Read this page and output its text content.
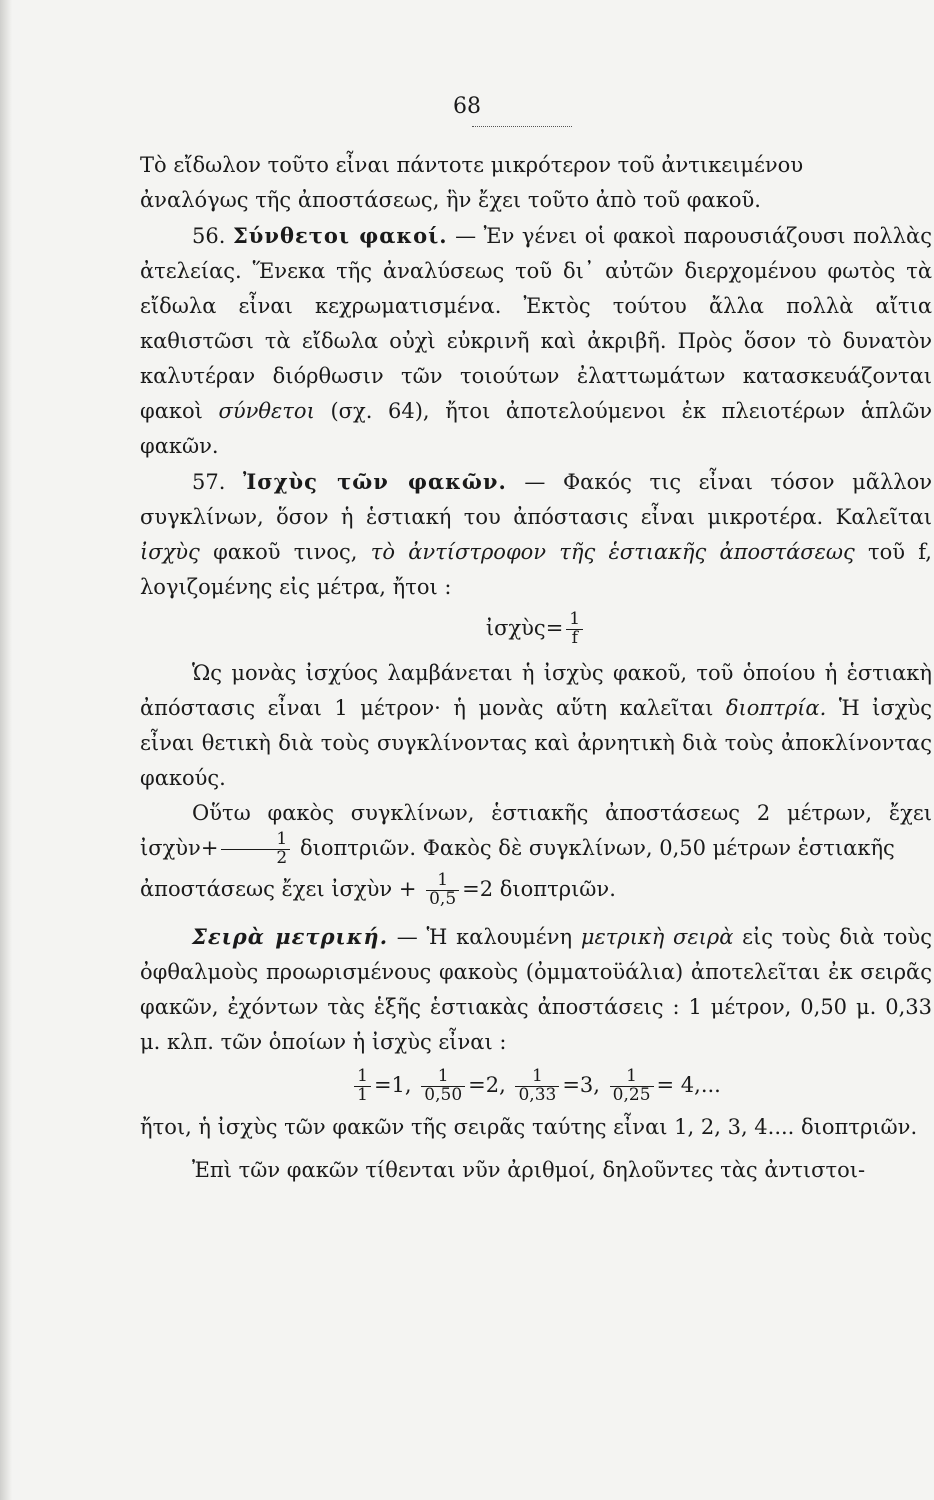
68

Τὸ εἴδωλον τοῦτο εἶναι πάντοτε μικρότερον τοῦ ἀντικειμένου
ἀναλόγως τῆς ἀποστάσεως, ἣν ἔχει τοῦτο ἀπὸ τοῦ φακοῦ.

56. Σύνθετοι φακοί. — Ἐν γένει οἱ φακοὶ παρουσιάζουσι πολλὰς ἀτελείας. Ἕνεκα τῆς ἀναλύσεως τοῦ δι᾽ αὐτῶν διερχομένου φωτὸς τὰ εἴδωλα εἶναι κεχρωματισμένα. Ἐκτὸς τούτου ἄλλα πολλὰ αἴτια καθιστῶσι τὰ εἴδωλα οὐχὶ εὐκρινῆ καὶ ἀκριβῆ. Πρὸς ὅσον τὸ δυνατὸν καλυτέραν διόρθωσιν τῶν τοιούτων ἐλαττωμάτων κατασκευάζονται φακοὶ σύνθετοι (σχ. 64), ἤτοι ἀποτελούμενοι ἐκ πλειοτέρων ἁπλῶν φακῶν.

57. Ἰσχὺς τῶν φακῶν. — Φακός τις εἶναι τόσον μᾶλλον συγκλίνων, ὅσον ἡ ἑστιακή του ἀπόστασις εἶναι μικροτέρα. Καλεῖται ἰσχὺς φακοῦ τινος, τὸ ἀντίστροφον τῆς ἑστιακῆς ἀποστάσεως τοῦ f, λογιζομένης εἰς μέτρα, ἤτοι :

ἰσχὺς= $\frac{1}{f}$

Ὡς μονὰς ἰσχύος λαμβάνεται ἡ ἰσχὺς φακοῦ, τοῦ ὁποίου ἡ ἑστιακὴ ἀπόστασις εἶναι 1 μέτρον· ἡ μονὰς αὕτη καλεῖται διοπτρία. Ἡ ἰσχὺς εἶναι θετικὴ διὰ τοὺς συγκλίνοντας καὶ ἀρνητικὴ διὰ τοὺς ἀποκλίνοντας φακούς.

Οὕτω φακὸς συγκλίνων, ἑστιακῆς ἀποστάσεως 2 μέτρων, ἔχει ἰσχὺν+ $\frac{1}{2}$ διοπτριῶν. Φακὸς δὲ συγκλίνων, 0,50 μέτρων ἑστιακῆς

ἀποστάσεως ἔχει ἰσχὺν + $\frac{1}{0,5} =2$ διοπτριῶν.

Σειρὰ μετρική. — Ἡ καλουμένη μετρικὴ σειρὰ εἰς τοὺς διὰ τοὺς ὀφθαλμοὺς προωρισμένους φακοὺς (ὀμματοϋάλια) ἀποτελεῖται ἐκ σειρᾶς φακῶν, ἐχόντων τὰς ἑξῆς ἑστιακὰς ἀποστάσεις : 1 μέτρον, 0,50 μ. 0,33 μ. κλπ. τῶν ὁποίων ἡ ἰσχὺς εἶναι :

$\frac{1}{1} =1$, $\frac{1}{0,50} =2$, $\frac{1}{0,33} =3$, $\frac{1}{0,25} = 4$,...

ἤτοι, ἡ ἰσχὺς τῶν φακῶν τῆς σειρᾶς ταύτης εἶναι 1, 2, 3, 4.... διοπτριῶν.

Ἐπὶ τῶν φακῶν τίθενται νῦν ἀριθμοί, δηλοῦντες τὰς ἀντιστοι-
